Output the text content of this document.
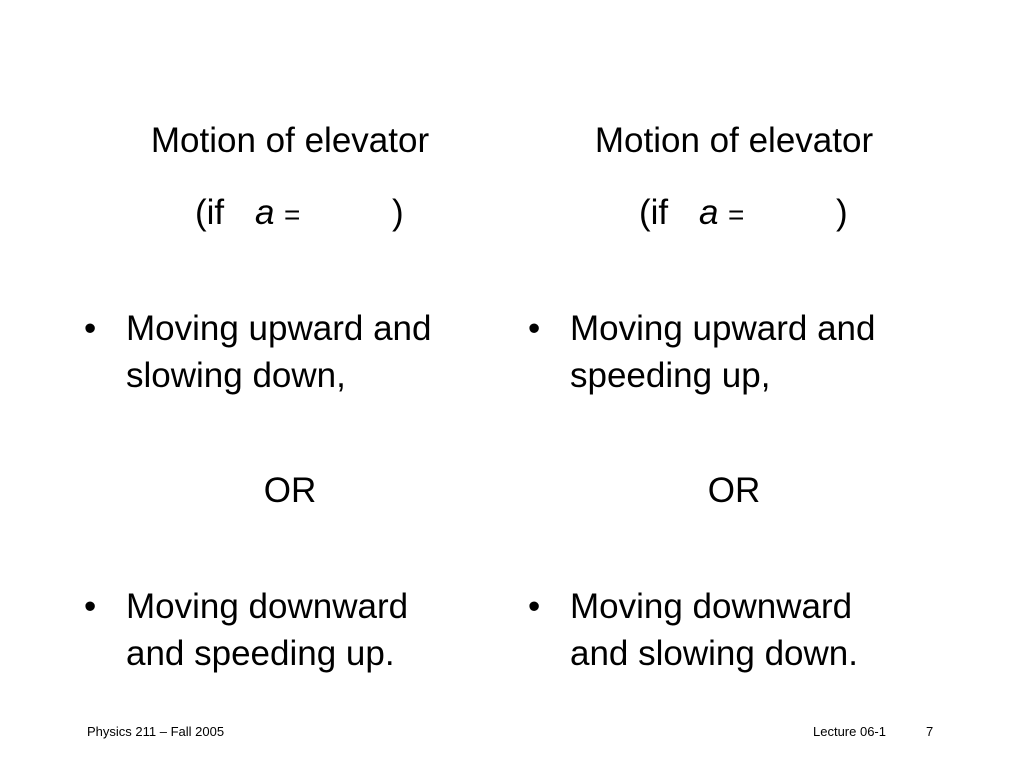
Motion of elevator
(if a =	)
• Moving upward and
slowing down,
OR
• Moving downward
and speeding up.
Motion of elevator
(if a =	)
• Moving upward and
speeding up,
OR
• Moving downward
and slowing down.
Physics 211 – Fall 2005	Lecture 06-1	7
